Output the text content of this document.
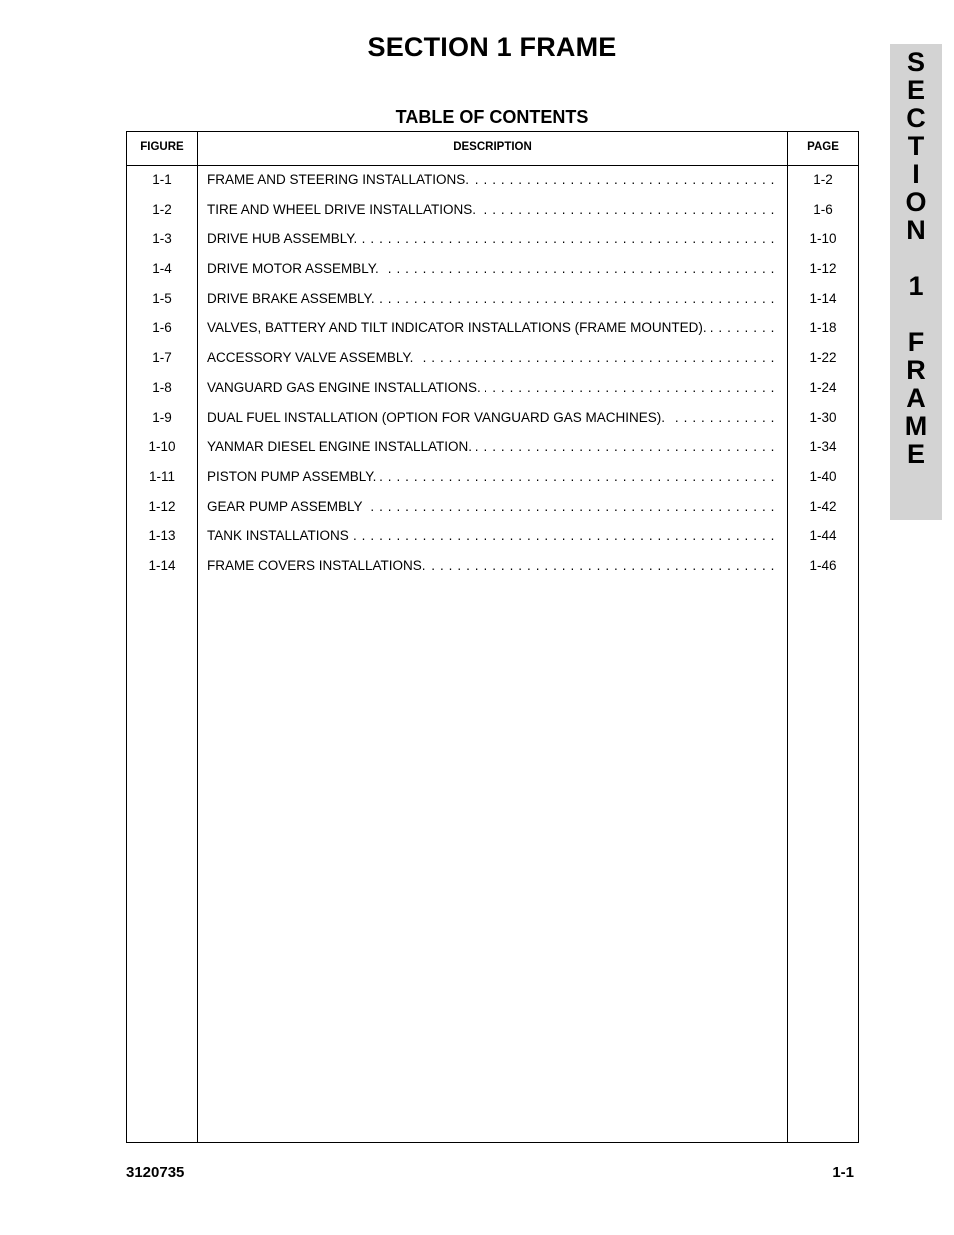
SECTION 1 FRAME
TABLE OF CONTENTS
FIGURE	DESCRIPTION	PAGE
1-1	FRAME AND STEERING INSTALLATIONS. . . .	1-2
1-2	TIRE AND WHEEL DRIVE INSTALLATIONS. . . .	1-6
1-3	DRIVE HUB ASSEMBLY. . . .	1-10
1-4	DRIVE MOTOR ASSEMBLY. . . .	1-12
1-5	DRIVE BRAKE ASSEMBLY. . . .	1-14
1-6	VALVES, BATTERY AND TILT INDICATOR INSTALLATIONS (FRAME MOUNTED). . . .	1-18
1-7	ACCESSORY VALVE ASSEMBLY. . . .	1-22
1-8	VANGUARD GAS ENGINE INSTALLATIONS. . . .	1-24
1-9	DUAL FUEL INSTALLATION (OPTION FOR VANGUARD GAS MACHINES). . . .	1-30
1-10	YANMAR DIESEL ENGINE INSTALLATION. . . .	1-34
1-11	PISTON PUMP ASSEMBLY. . . .	1-40
1-12	GEAR PUMP ASSEMBLY . . .	1-42
1-13	TANK INSTALLATIONS . . .	1-44
1-14	FRAME COVERS INSTALLATIONS. . . .	1-46
S
E
C
T
I
O
N
1
F
R
A
M
E
3120735	1-1
